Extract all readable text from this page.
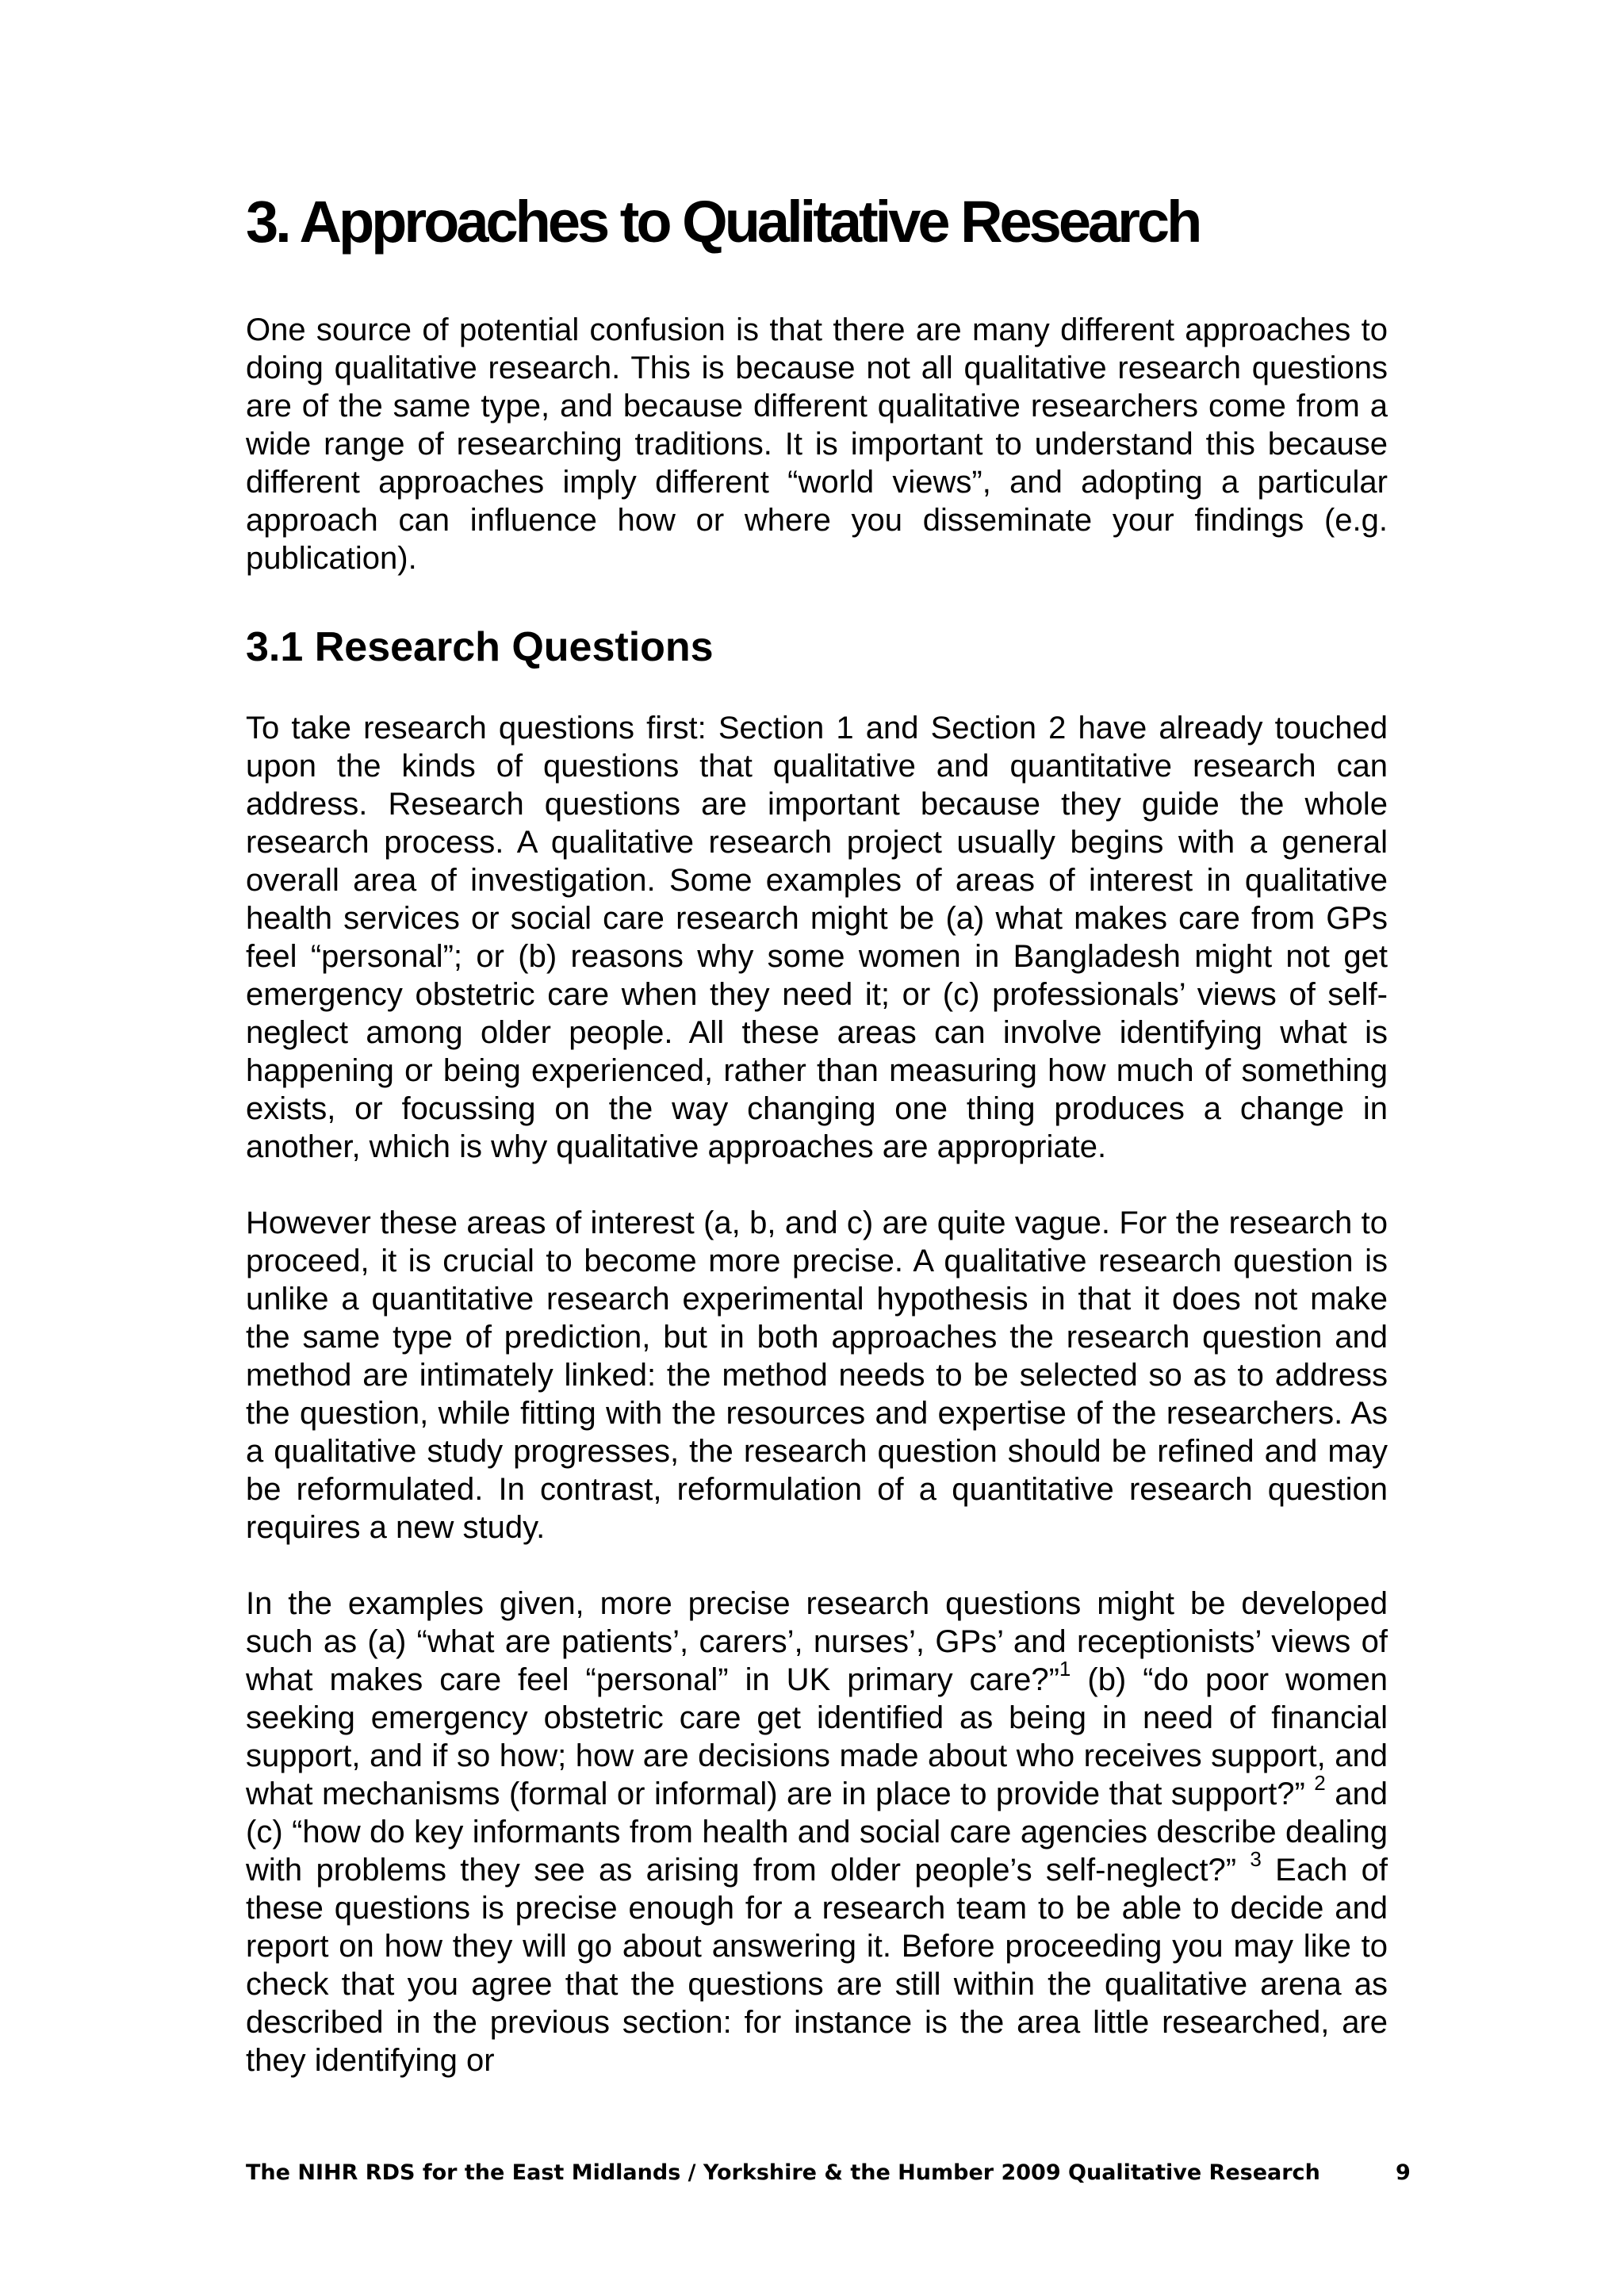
3. Approaches to Qualitative Research

One source of potential confusion is that there are many different approaches to doing qualitative research. This is because not all qualitative research questions are of the same type, and because different qualitative researchers come from a wide range of researching traditions. It is important to understand this because different approaches imply different “world views”, and adopting a particular approach can influence how or where you disseminate your findings (e.g. publication).

3.1 Research Questions

To take research questions first: Section 1 and Section 2 have already touched upon the kinds of questions that qualitative and quantitative research can address. Research questions are important because they guide the whole research process. A qualitative research project usually begins with a general overall area of investigation. Some examples of areas of interest in qualitative health services or social care research might be (a) what makes care from GPs feel “personal”; or (b) reasons why some women in Bangladesh might not get emergency obstetric care when they need it; or (c) professionals’ views of self-neglect among older people. All these areas can involve identifying what is happening or being experienced, rather than measuring how much of something exists, or focussing on the way changing one thing produces a change in another, which is why qualitative approaches are appropriate.

However these areas of interest (a, b, and c) are quite vague. For the research to proceed, it is crucial to become more precise. A qualitative research question is unlike a quantitative research experimental hypothesis in that it does not make the same type of prediction, but in both approaches the research question and method are intimately linked: the method needs to be selected so as to address the question, while fitting with the resources and expertise of the researchers. As a qualitative study progresses, the research question should be refined and may be reformulated. In contrast, reformulation of a quantitative research question requires a new study.

In the examples given, more precise research questions might be developed such as (a) “what are patients’, carers’, nurses’, GPs’ and receptionists’ views of what makes care feel “personal” in UK primary care?”$^1$ (b) “do poor women seeking emergency obstetric care get identified as being in need of financial support, and if so how; how are decisions made about who receives support, and what mechanisms (formal or informal) are in place to provide that support?” $^2$ and (c) “how do key informants from health and social care agencies describe dealing with problems they see as arising from older people’s self-neglect?” $^3$ Each of these questions is precise enough for a research team to be able to decide and report on how they will go about answering it. Before proceeding you may like to check that you agree that the questions are still within the qualitative arena as described in the previous section: for instance is the area little researched, are they identifying or

The NIHR RDS for the East Midlands / Yorkshire & the Humber 2009 Qualitative Research	9
